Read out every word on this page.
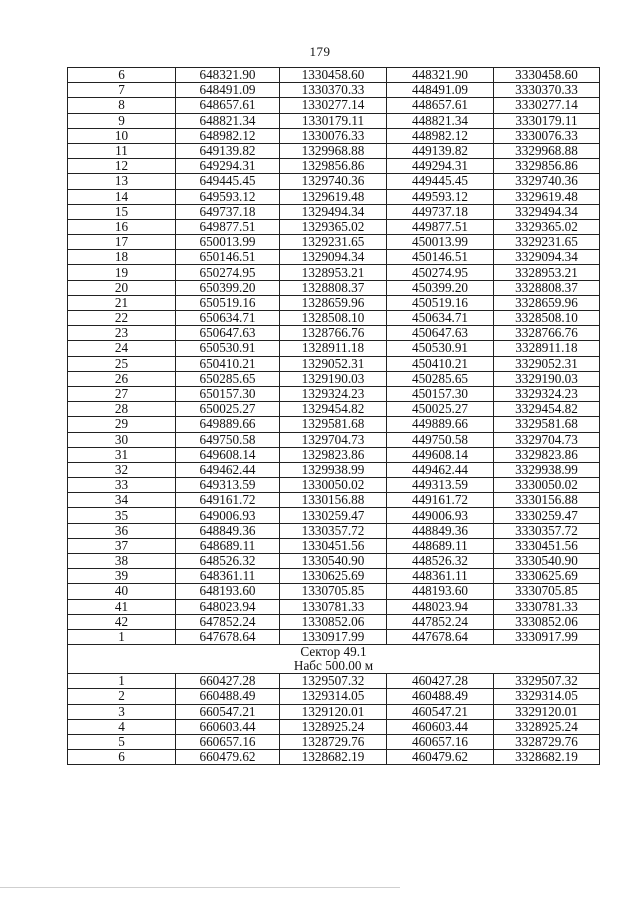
179
6	648321.90	1330458.60	448321.90	3330458.60
7	648491.09	1330370.33	448491.09	3330370.33
8	648657.61	1330277.14	448657.61	3330277.14
9	648821.34	1330179.11	448821.34	3330179.11
10	648982.12	1330076.33	448982.12	3330076.33
11	649139.82	1329968.88	449139.82	3329968.88
12	649294.31	1329856.86	449294.31	3329856.86
13	649445.45	1329740.36	449445.45	3329740.36
14	649593.12	1329619.48	449593.12	3329619.48
15	649737.18	1329494.34	449737.18	3329494.34
16	649877.51	1329365.02	449877.51	3329365.02
17	650013.99	1329231.65	450013.99	3329231.65
18	650146.51	1329094.34	450146.51	3329094.34
19	650274.95	1328953.21	450274.95	3328953.21
20	650399.20	1328808.37	450399.20	3328808.37
21	650519.16	1328659.96	450519.16	3328659.96
22	650634.71	1328508.10	450634.71	3328508.10
23	650647.63	1328766.76	450647.63	3328766.76
24	650530.91	1328911.18	450530.91	3328911.18
25	650410.21	1329052.31	450410.21	3329052.31
26	650285.65	1329190.03	450285.65	3329190.03
27	650157.30	1329324.23	450157.30	3329324.23
28	650025.27	1329454.82	450025.27	3329454.82
29	649889.66	1329581.68	449889.66	3329581.68
30	649750.58	1329704.73	449750.58	3329704.73
31	649608.14	1329823.86	449608.14	3329823.86
32	649462.44	1329938.99	449462.44	3329938.99
33	649313.59	1330050.02	449313.59	3330050.02
34	649161.72	1330156.88	449161.72	3330156.88
35	649006.93	1330259.47	449006.93	3330259.47
36	648849.36	1330357.72	448849.36	3330357.72
37	648689.11	1330451.56	448689.11	3330451.56
38	648526.32	1330540.90	448526.32	3330540.90
39	648361.11	1330625.69	448361.11	3330625.69
40	648193.60	1330705.85	448193.60	3330705.85
41	648023.94	1330781.33	448023.94	3330781.33
42	647852.24	1330852.06	447852.24	3330852.06
1	647678.64	1330917.99	447678.64	3330917.99

Сектор 49.1
Набс 500.00 м				

1	660427.28	1329507.32	460427.28	3329507.32
2	660488.49	1329314.05	460488.49	3329314.05
3	660547.21	1329120.01	460547.21	3329120.01
4	660603.44	1328925.24	460603.44	3328925.24
5	660657.16	1328729.76	460657.16	3328729.76
6	660479.62	1328682.19	460479.62	3328682.19
